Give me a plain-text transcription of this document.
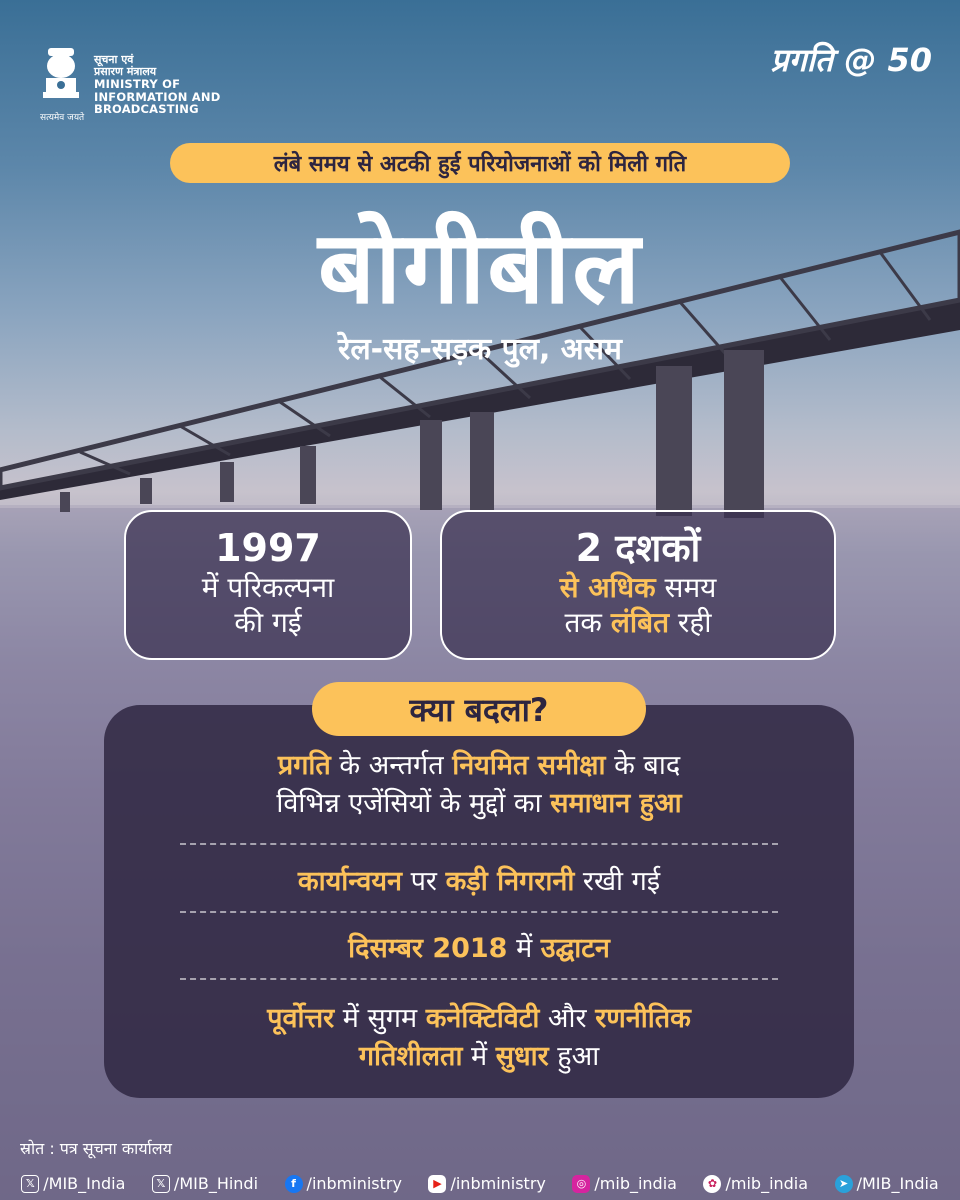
सूचना एवं
प्रसारण मंत्रालय
MINISTRY OF
INFORMATION AND
BROADCASTING
सत्यमेव जयते
प्रगति @ 50
लंबे समय से अटकी हुई परियोजनाओं को मिली गति
बोगीबील
रेल-सह-सड़क पुल, असम
1997
में परिकल्पना
की गई
2 दशकों
से अधिक समय
तक लंबित रही
क्या बदला?
प्रगति के अन्तर्गत नियमित समीक्षा के बाद
विभिन्न एजेंसियों के मुद्दों का समाधान हुआ
कार्यान्वयन पर कड़ी निगरानी रखी गई
दिसम्बर 2018 में उद्घाटन
पूर्वोत्तर में सुगम कनेक्टिविटी और रणनीतिक
गतिशीलता में सुधार हुआ
स्रोत : पत्र सूचना कार्यालय
𝕏 /MIB_India	𝕏 /MIB_Hindi	f /inbministry	▶ /inbministry	◎ /mib_india	✿ /mib_india	➤ /MIB_India
